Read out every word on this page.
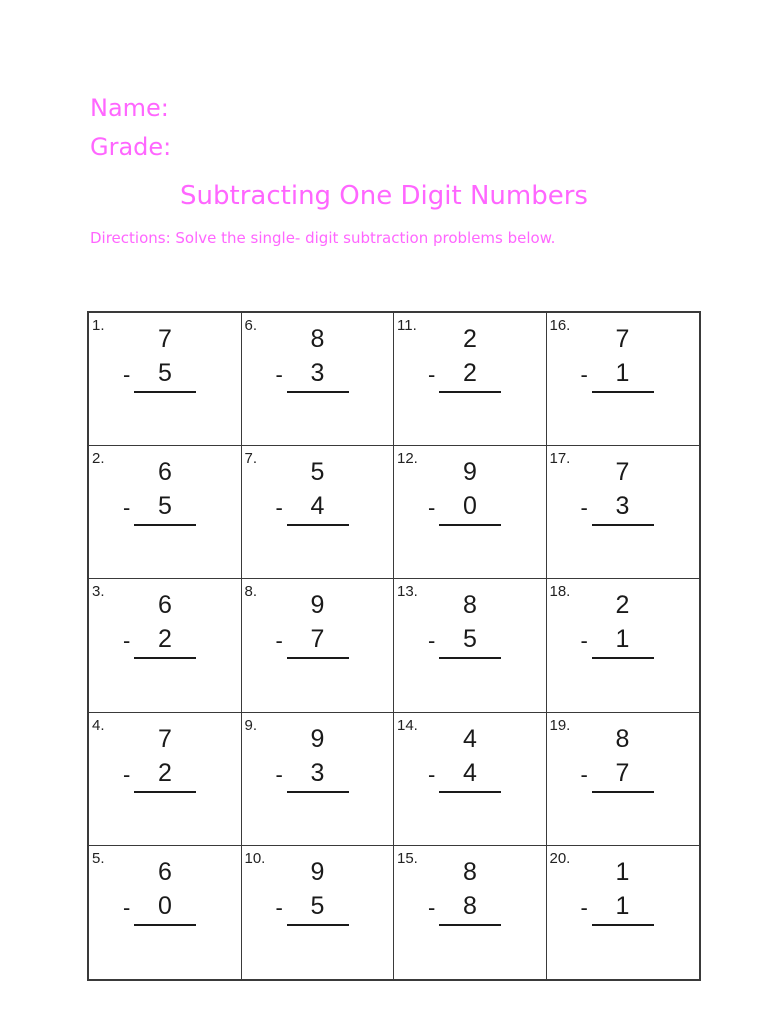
Name:
Grade:
Subtracting One Digit Numbers
Directions: Solve the single- digit subtraction problems below.
1.	7
-	5
6.	8
-	3
11.	2
-	2
16.	7
-	1
2.	6
-	5
7.	5
-	4
12.	9
-	0
17.	7
-	3
3.	6
-	2
8.	9
-	7
13.	8
-	5
18.	2
-	1
4.	7
-	2
9.	9
-	3
14.	4
-	4
19.	8
-	7
5.	6
-	0
10.	9
-	5
15.	8
-	8
20.	1
-	1
